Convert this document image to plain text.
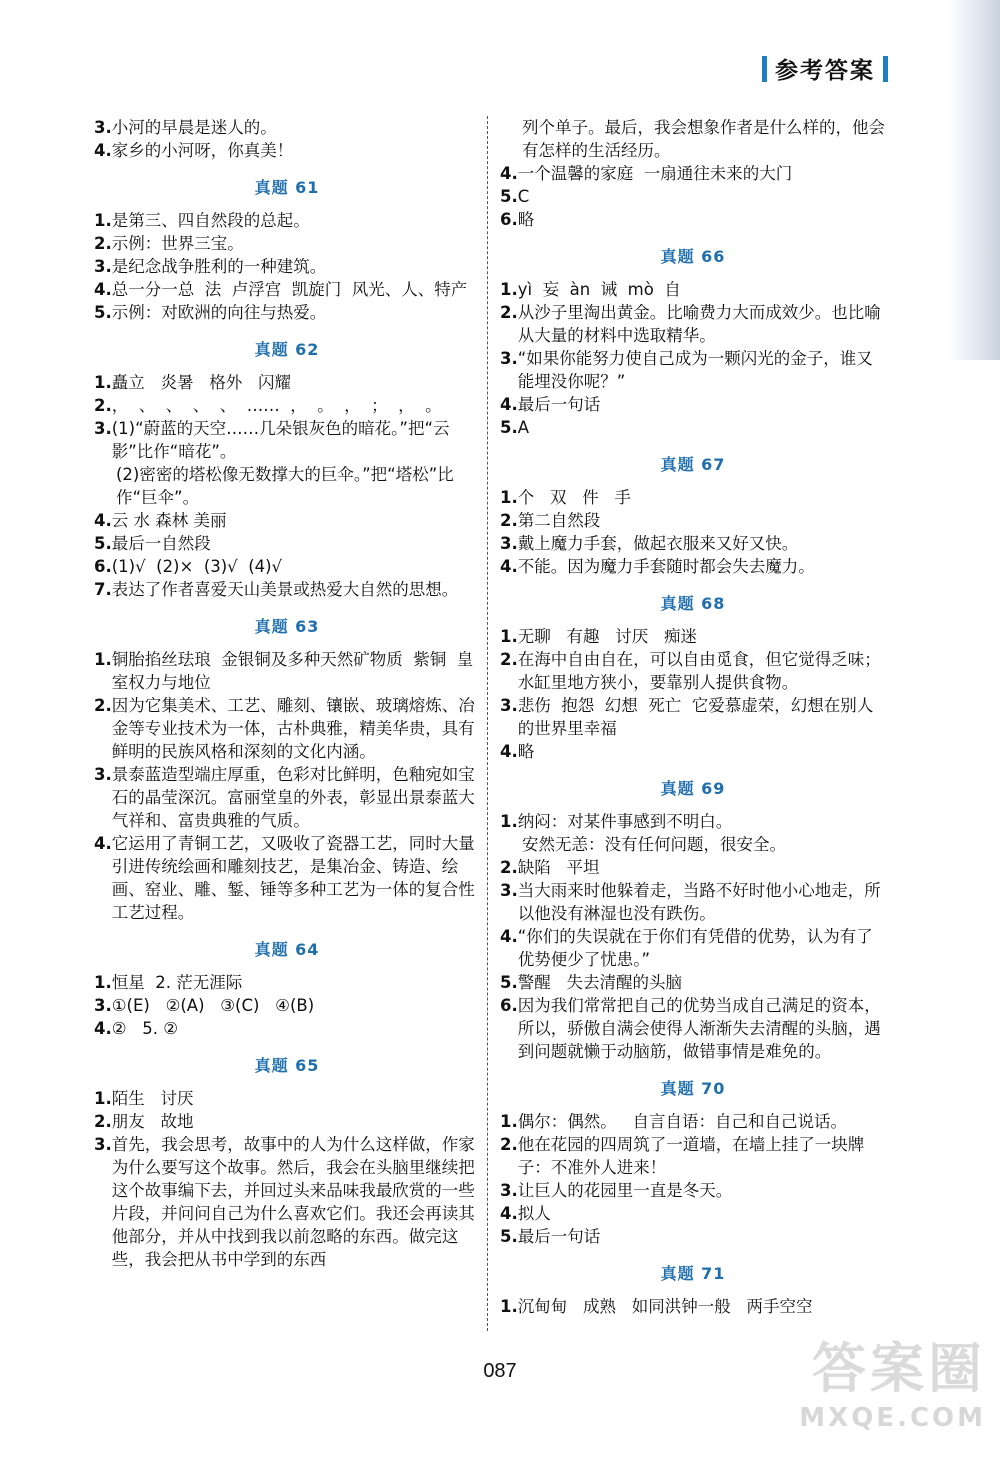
参考答案
3. 小河的早晨是迷人的。
4. 家乡的小河呀，你真美！
真题 61
1. 是第三、四自然段的总起。
2. 示例：世界三宝。
3. 是纪念战争胜利的一种建筑。
4. 总一分一总  法  卢浮宫  凯旋门  风光、人、特产
5. 示例：对欧洲的向往与热爱。
真题 62
1. 矗立   炎暑   格外   闪耀
2. ，  、  、  、  、  ……  ，  。  ，  ；  ，  。
3. (1)“蔚蓝的天空……几朵银灰色的暗花。”把“云影”比作“暗花”。
(2)密密的塔松像无数撑大的巨伞。”把“塔松”比作“巨伞”。
4. 云 水 森林 美丽
5. 最后一自然段
6. (1)√  (2)×  (3)√  (4)√
7. 表达了作者喜爱天山美景或热爱大自然的思想。
真题 63
1. 铜胎掐丝珐琅  金银铜及多种天然矿物质  紫铜  皇室权力与地位
2. 因为它集美术、工艺、雕刻、镶嵌、玻璃熔炼、冶金等专业技术为一体，古朴典雅，精美华贵，具有鲜明的民族风格和深刻的文化内涵。
3. 景泰蓝造型端庄厚重，色彩对比鲜明，色釉宛如宝石的晶莹深沉。富丽堂皇的外表，彰显出景泰蓝大气祥和、富贵典雅的气质。
4. 它运用了青铜工艺，又吸收了瓷器工艺，同时大量引进传统绘画和雕刻技艺，是集冶金、铸造、绘画、窑业、雕、錾、锤等多种工艺为一体的复合性工艺过程。
真题 64
1. 恒星  2. 茫无涯际
3. ①(E)   ②(A)   ③(C)   ④(B)
4. ②   5. ②
真题 65
1. 陌生   讨厌
2. 朋友   故地
3. 首先，我会思考，故事中的人为什么这样做，作家为什么要写这个故事。然后，我会在头脑里继续把这个故事编下去，并回过头来品味我最欣赏的一些片段，并问问自己为什么喜欢它们。我还会再读其他部分，并从中找到我以前忽略的东西。做完这些，我会把从书中学到的东西
列个单子。最后，我会想象作者是什么样的，他会有怎样的生活经历。
4. 一个温馨的家庭  一扇通往未来的大门
5. C
6. 略
真题 66
1. yì  妄  àn  诫  mò  自
2. 从沙子里淘出黄金。比喻费力大而成效少。也比喻从大量的材料中选取精华。
3. “如果你能努力使自己成为一颗闪光的金子，谁又能埋没你呢？”
4. 最后一句话
5. A
真题 67
1. 个   双   件   手
2. 第二自然段
3. 戴上魔力手套，做起衣服来又好又快。
4. 不能。因为魔力手套随时都会失去魔力。
真题 68
1. 无聊   有趣   讨厌   痴迷
2. 在海中自由自在，可以自由觅食，但它觉得乏味；水缸里地方狭小，要靠别人提供食物。
3. 悲伤  抱怨  幻想  死亡  它爱慕虚荣，幻想在别人的世界里幸福
4. 略
真题 69
1. 纳闷：对某件事感到不明白。
安然无恙：没有任何问题，很安全。
2. 缺陷   平坦
3. 当大雨来时他躲着走，当路不好时他小心地走，所以他没有淋湿也没有跌伤。
4. “你们的失误就在于你们有凭借的优势，认为有了优势便少了忧患。”
5. 警醒   失去清醒的头脑
6. 因为我们常常把自己的优势当成自己满足的资本，所以，骄傲自满会使得人渐渐失去清醒的头脑，遇到问题就懒于动脑筋，做错事情是难免的。
真题 70
1. 偶尔：偶然。   自言自语：自己和自己说话。
2. 他在花园的四周筑了一道墙，在墙上挂了一块牌子：不准外人进来！
3. 让巨人的花园里一直是冬天。
4. 拟人
5. 最后一句话
真题 71
1. 沉甸甸   成熟   如同洪钟一般   两手空空
087	答案圈
MXQE.COM
